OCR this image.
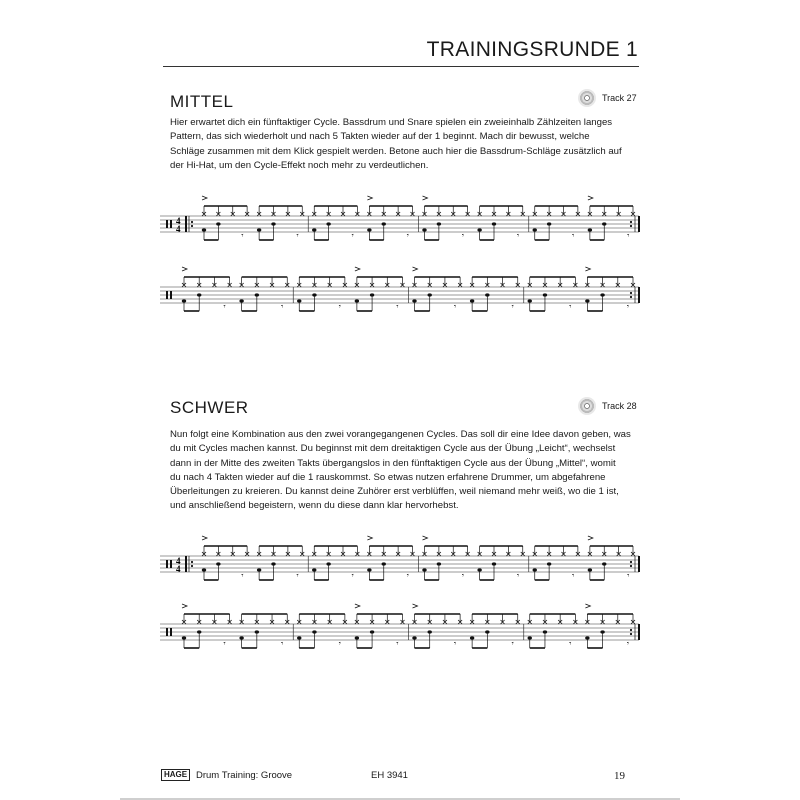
TRAININGSRUNDE 1
MITTEL	Track 27
Hier erwartet dich ein fünftaktiger Cycle. Bassdrum und Snare spielen ein zweieinhalb Zählzeiten langes
Pattern, das sich wiederholt und nach 5 Takten wieder auf der 1 beginnt. Mach dir bewusst, welche
Schläge zusammen mit dem Klick gespielt werden. Betone auch hier die Bassdrum-Schläge zusätzlich auf
der Hi-Hat, um den Cycle-Effekt noch mehr zu verdeutlichen.
SCHWER	Track 28
Nun folgt eine Kombination aus den zwei vorangegangenen Cycles. Das soll dir eine Idee davon geben, was
du mit Cycles machen kannst. Du beginnst mit dem dreitaktigen Cycle aus der Übung „Leicht“, wechselst
dann in der Mitte des zweiten Takts übergangslos in den fünftaktigen Cycle aus der Übung „Mittel“, womit
du nach 4 Takten wieder auf die 1 rauskommst. So etwas nutzen erfahrene Drummer, um abgefahrene
Überleitungen zu kreieren. Du kannst deine Zuhörer erst verblüffen, weil niemand mehr weiß, wo die 1 ist,
und anschließend begeistern, wenn du diese dann klar hervorhebst.
4
4
𝄾	𝄾	𝄾	𝄾	𝄾	𝄾	𝄾	𝄾
𝄾	𝄾	𝄾	𝄾	𝄾	𝄾	𝄾	𝄾
4
4
𝄾	𝄾	𝄾	𝄾	𝄾	𝄾	𝄾	𝄾
𝄾	𝄾	𝄾	𝄾	𝄾	𝄾	𝄾	𝄾
HAGE Drum Training: Groove	EH 3941	19
